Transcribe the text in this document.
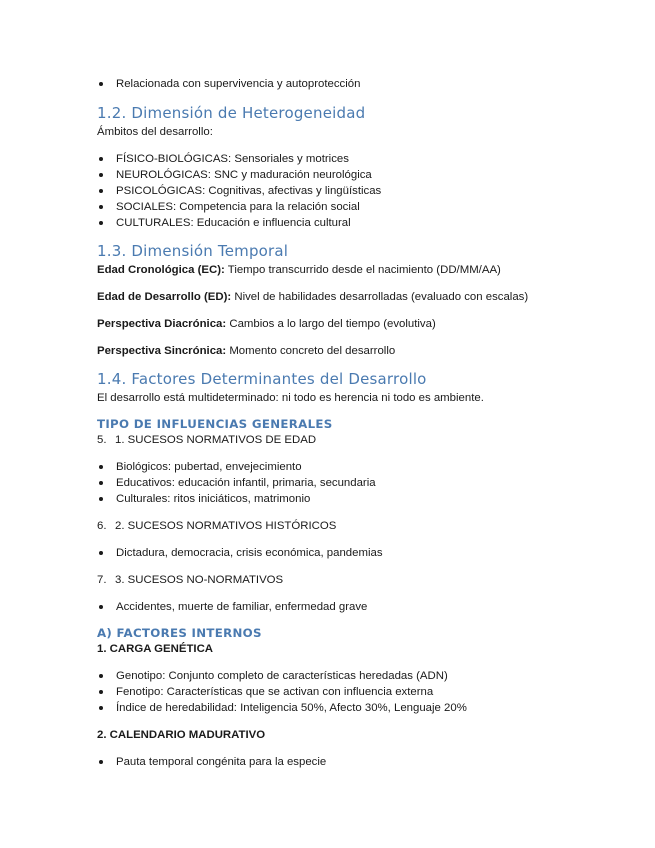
Relacionada con supervivencia y autoprotección
1.2. Dimensión de Heterogeneidad
Ámbitos del desarrollo:
FÍSICO-BIOLÓGICAS: Sensoriales y motrices
NEUROLÓGICAS: SNC y maduración neurológica
PSICOLÓGICAS: Cognitivas, afectivas y lingüísticas
SOCIALES: Competencia para la relación social
CULTURALES: Educación e influencia cultural
1.3. Dimensión Temporal
Edad Cronológica (EC): Tiempo transcurrido desde el nacimiento (DD/MM/AA)
Edad de Desarrollo (ED): Nivel de habilidades desarrolladas (evaluado con escalas)
Perspectiva Diacrónica: Cambios a lo largo del tiempo (evolutiva)
Perspectiva Sincrónica: Momento concreto del desarrollo
1.4. Factores Determinantes del Desarrollo
El desarrollo está multideterminado: ni todo es herencia ni todo es ambiente.
TIPO DE INFLUENCIAS GENERALES
5. 1. SUCESOS NORMATIVOS DE EDAD
Biológicos: pubertad, envejecimiento
Educativos: educación infantil, primaria, secundaria
Culturales: ritos iniciáticos, matrimonio
6. 2. SUCESOS NORMATIVOS HISTÓRICOS
Dictadura, democracia, crisis económica, pandemias
7. 3. SUCESOS NO-NORMATIVOS
Accidentes, muerte de familiar, enfermedad grave
A) FACTORES INTERNOS
1. CARGA GENÉTICA
Genotipo: Conjunto completo de características heredadas (ADN)
Fenotipo: Características que se activan con influencia externa
Índice de heredabilidad: Inteligencia 50%, Afecto 30%, Lenguaje 20%
2. CALENDARIO MADURATIVO
Pauta temporal congénita para la especie
